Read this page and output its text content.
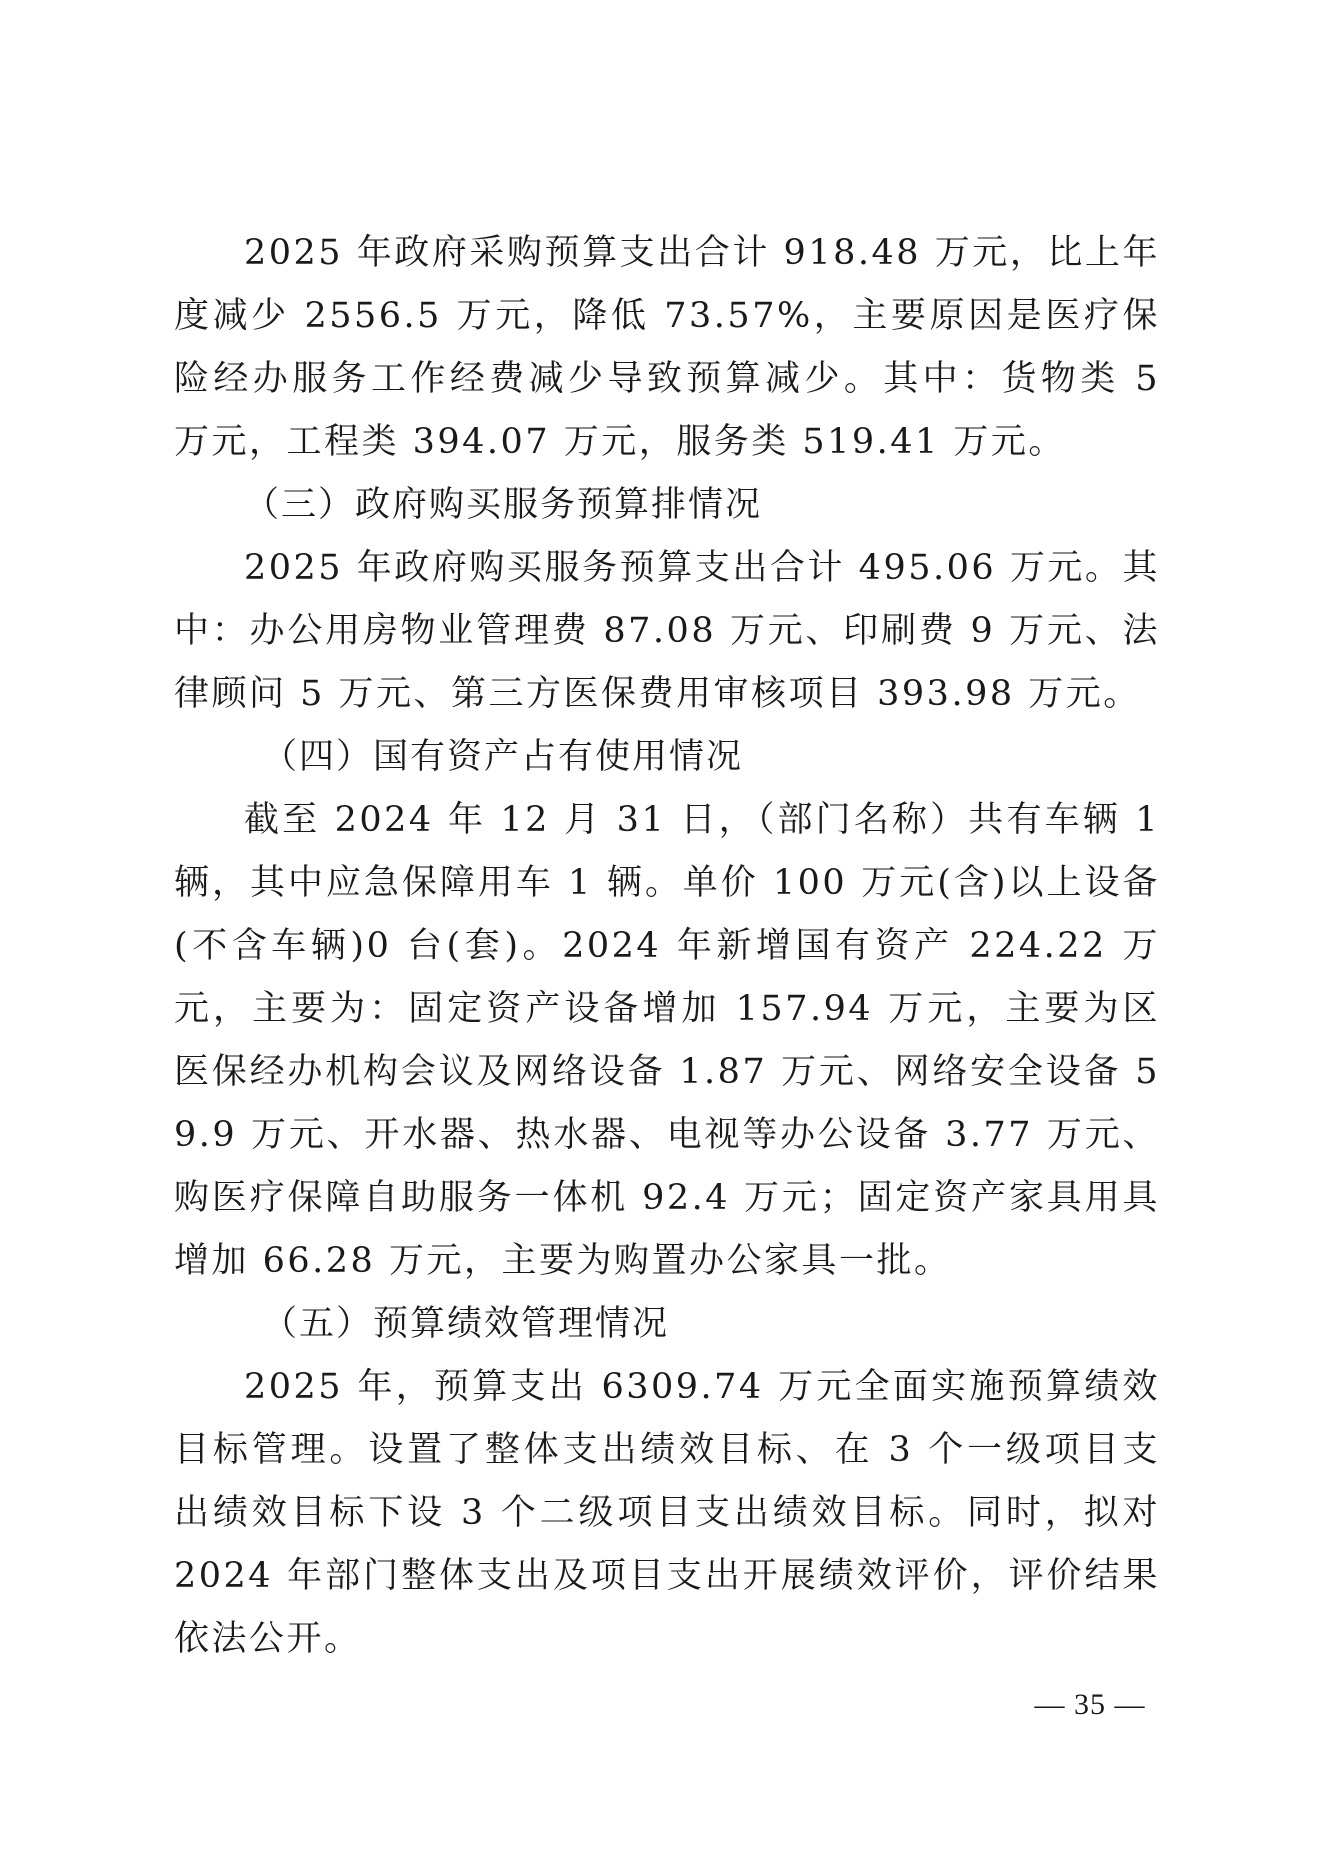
2025 年政府采购预算支出合计 918.48 万元，比上年度减少 2556.5 万元，降低 73.57%，主要原因是医疗保险经办服务工作经费减少导致预算减少。其中：货物类 5 万元，工程类 394.07 万元，服务类 519.41 万元。

（三）政府购买服务预算排情况

2025 年政府购买服务预算支出合计 495.06 万元。其中：办公用房物业管理费 87.08 万元、印刷费 9 万元、法律顾问 5 万元、第三方医保费用审核项目 393.98 万元。

（四）国有资产占有使用情况

截至 2024 年 12 月 31 日，（部门名称）共有车辆 1 辆，其中应急保障用车 1 辆。单价 100 万元(含)以上设备(不含车辆)0 台(套)。2024 年新增国有资产 224.22 万元，主要为：固定资产设备增加 157.94 万元，主要为区医保经办机构会议及网络设备 1.87 万元、网络安全设备 59.9 万元、开水器、热水器、电视等办公设备 3.77 万元、购医疗保障自助服务一体机 92.4 万元；固定资产家具用具增加 66.28 万元，主要为购置办公家具一批。

（五）预算绩效管理情况

2025 年，预算支出 6309.74 万元全面实施预算绩效目标管理。设置了整体支出绩效目标、在 3 个一级项目支出绩效目标下设 3 个二级项目支出绩效目标。同时，拟对 2024 年部门整体支出及项目支出开展绩效评价，评价结果依法公开。

— 35 —
